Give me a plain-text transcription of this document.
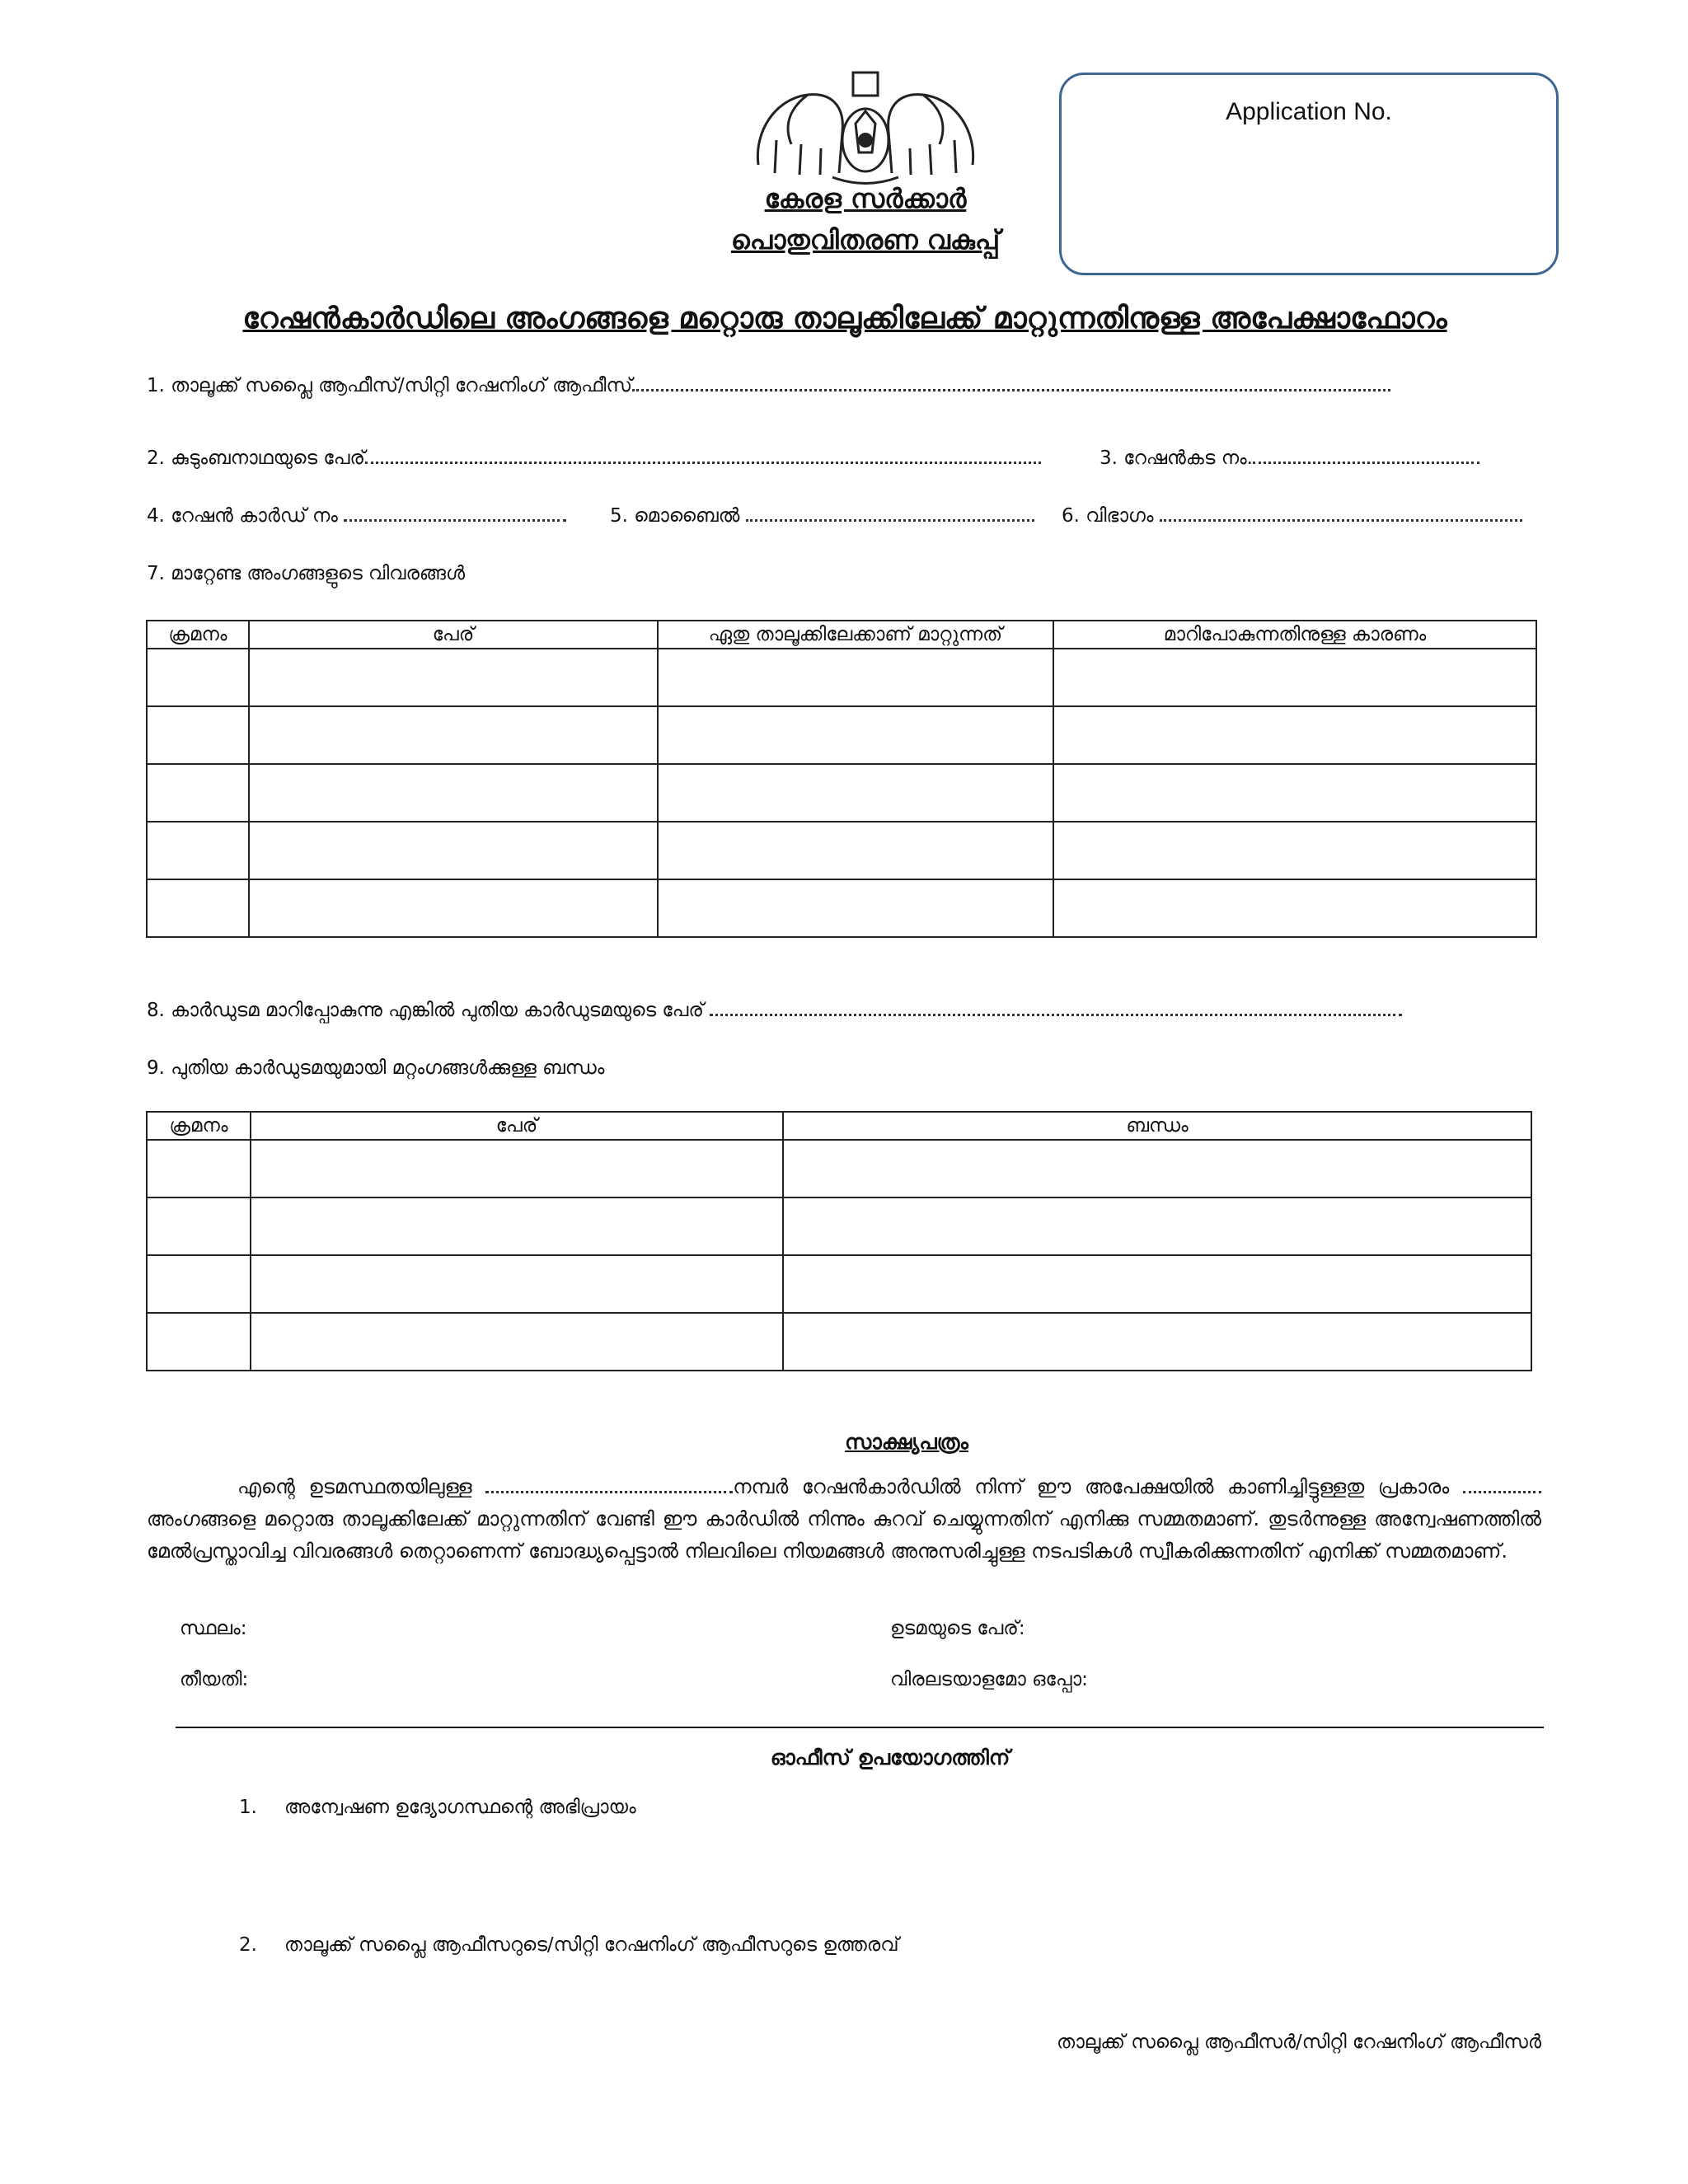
കേരള സർക്കാർ
പൊതുവിതരണ വകുപ്പ്
Application No.
റേഷൻകാർഡിലെ അംഗങ്ങളെ മറ്റൊരു താലൂക്കിലേക്ക് മാറ്റുന്നതിനുള്ള അപേക്ഷാഫോറം
1. താലൂക്ക് സപ്ലൈ ആഫീസ്/സിറ്റി റേഷനിംഗ് ആഫീസ്
2. കുടുംബനാഥയുടെ പേര്	3. റേഷൻകട നം.
4. റേഷൻ കാർഡ് നം	5. മൊബൈൽ	6. വിഭാഗം
7. മാറ്റേണ്ട അംഗങ്ങളുടെ വിവരങ്ങൾ
ക്രമനം	പേര്	ഏതു താലൂക്കിലേക്കാണ് മാറ്റുന്നത്	മാറിപോകുന്നതിനുള്ള കാരണം

8. കാർഡുടമ മാറിപ്പോകുന്നു എങ്കിൽ പുതിയ കാർഡുടമയുടെ പേര്
9. പുതിയ കാർഡുടമയുമായി മറ്റംഗങ്ങൾക്കുള്ള ബന്ധം
ക്രമനം	പേര്	ബന്ധം

സാക്ഷ്യപത്രം
എന്റെ ഉടമസ്ഥതയിലുള്ള	നമ്പർ റേഷൻകാർഡിൽ നിന്ന് ഈ അപേക്ഷയിൽ കാണിച്ചിട്ടുള്ളതു പ്രകാരം  അംഗങ്ങളെ മറ്റൊരു താലൂക്കിലേക്ക് മാറ്റുന്നതിന് വേണ്ടി ഈ കാർഡിൽ നിന്നും കുറവ് ചെയ്യുന്നതിന് എനിക്കു സമ്മതമാണ്. തുടർന്നുള്ള അന്വേഷണത്തിൽ മേൽപ്രസ്താവിച്ച വിവരങ്ങൾ തെറ്റാണെന്ന് ബോദ്ധ്യപ്പെട്ടാൽ നിലവിലെ നിയമങ്ങൾ അനുസരിച്ചുള്ള നടപടികൾ സ്വീകരിക്കുന്നതിന് എനിക്ക് സമ്മതമാണ്.
സ്ഥലം:	ഉടമയുടെ പേര്:
തീയതി:	വിരലടയാളമോ ഒപ്പോ:
ഓഫീസ് ഉപയോഗത്തിന്
1. അന്വേഷണ ഉദ്യോഗസ്ഥന്റെ അഭിപ്രായം
2. താലൂക്ക് സപ്ലൈ ആഫീസറുടെ/സിറ്റി റേഷനിംഗ് ആഫീസറുടെ ഉത്തരവ്
താലൂക്ക് സപ്ലൈ ആഫീസർ/സിറ്റി റേഷനിംഗ് ആഫീസർ
